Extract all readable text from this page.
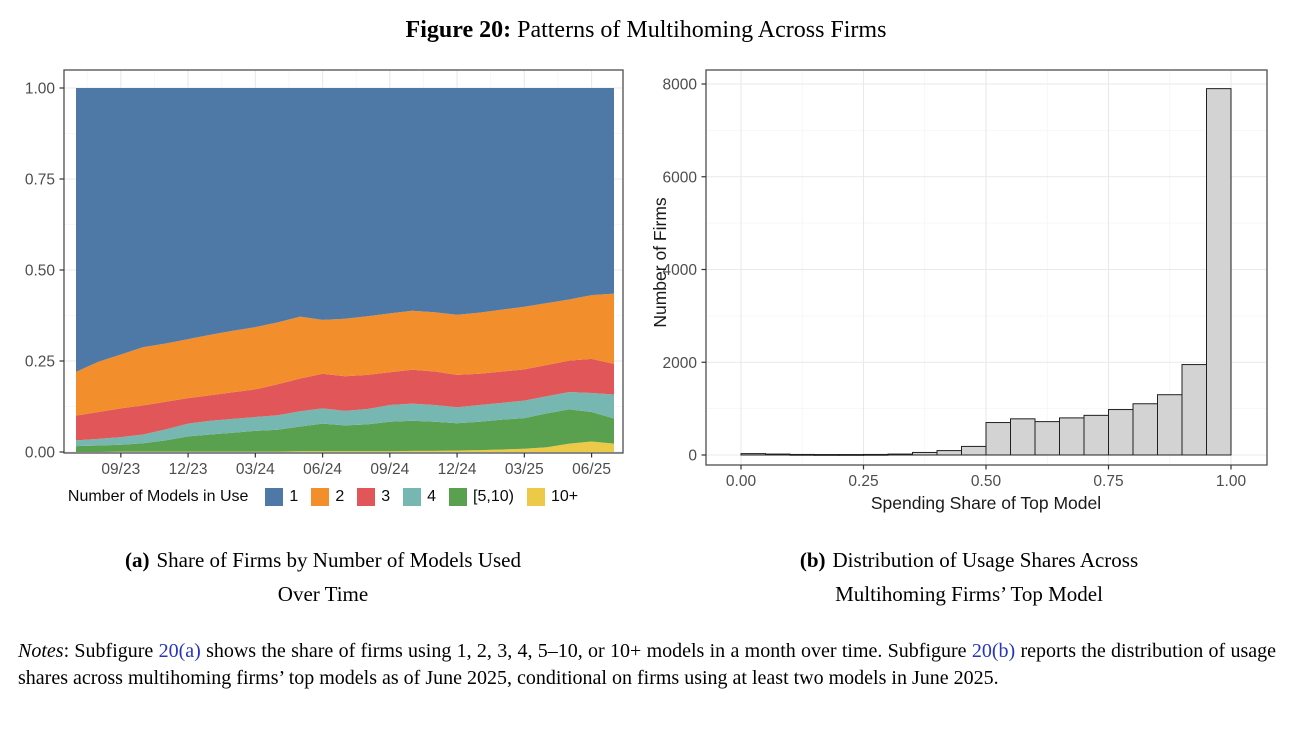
Figure 20: Patterns of Multihoming Across Firms
0.00
0.25
0.50
0.75
1.00
09/23 12/23 03/24 06/24 09/24 12/24 03/25 06/25
Number of Models in Use	1 2 3 4 [5,10) 10+
0
2000
4000
6000
8000
0.00	0.25	0.50	0.75	1.00
Spending Share of Top Model
Number of Firms
(a) Share of Firms by Number of Models Used
Over Time
(b) Distribution of Usage Shares Across
Multihoming Firms’ Top Model
Notes: Subfigure 20(a) shows the share of firms using 1, 2, 3, 4, 5–10, or 10+ models in a month over time. Subfigure 20(b) reports the distribution of usage shares across multihoming firms’ top models as of June 2025, conditional on firms using at least two models in June 2025.
